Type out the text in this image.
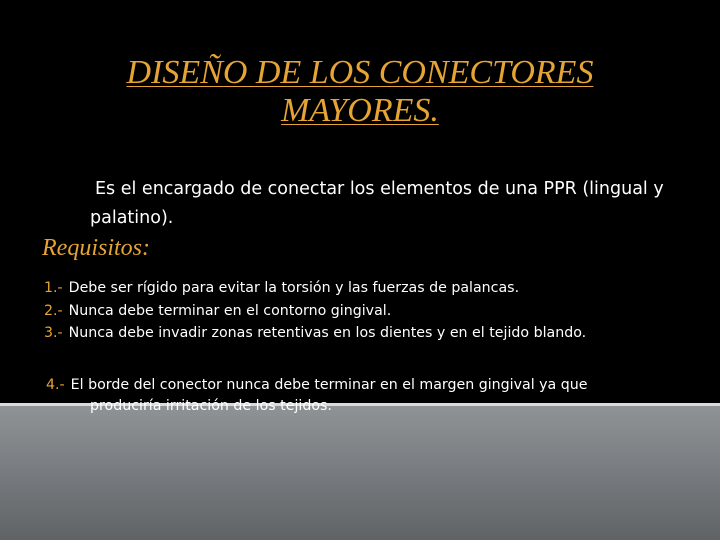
DISEÑO DE LOS CONECTORES MAYORES.

Es el encargado de conectar los elementos de una PPR (lingual y palatino).

Requisitos:
1.- Debe ser rígido para evitar la torsión y las fuerzas de palancas.
2.- Nunca debe terminar en el contorno gingival.
3.- Nunca debe invadir zonas retentivas en los dientes y en el tejido blando.

4.- El borde del conector nunca debe terminar en el margen gingival ya que
produciría irritación de los tejidos.
